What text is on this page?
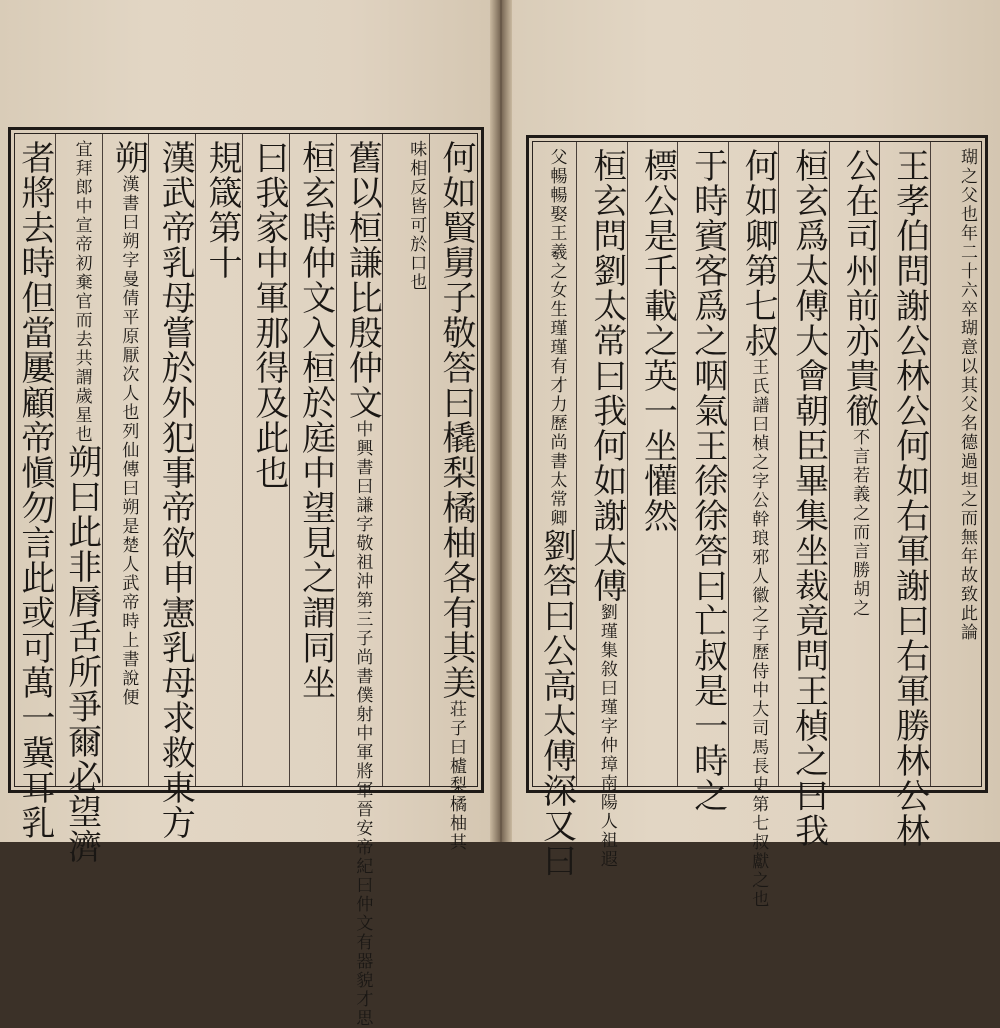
何如賢舅子敬答曰橇梨橘柚各有其美荘子曰樝梨橘柚其
味相反皆可於口也
舊以桓謙比殷仲文中興書曰謙字敬祖沖第三子尚書僕射中軍將軍晉安帝紀曰仲文有器貌才思
桓玄時仲文入桓於庭中望見之謂同坐
曰我家中軍那得及此也
規箴第十
漢武帝乳母嘗於外犯事帝欲申憲乳母求救東方
朔漢書曰朔字曼倩平原厭次人也列仙傳曰朔是楚人武帝時上書說便
宜拜郎中宣帝初棄官而去共謂歲星也朔曰此非脣舌所爭爾必望濟
者將去時但當屢顧帝愼勿言此或可萬一冀耳乳	瑚之父也年二十六卒瑚意以其父名德過坦之而無年故致此論
王孝伯問謝公林公何如右軍謝曰右軍勝林公林
公在司州前亦貴徹不言若義之而言勝胡之
桓玄爲太傅大會朝臣畢集坐裁竟問王楨之曰我
何如卿第七叔王氏譜曰楨之字公幹琅邪人徽之子歷侍中大司馬長史第七叔獻之也
于時賓客爲之咽氣王徐徐答曰亡叔是一時之
標公是千載之英一坐懽然
桓玄問劉太常曰我何如謝太傅劉瑾集敘曰瑾字仲璋南陽人祖遐
父暢暢娶王羲之女生瑾瑾有才力歷尚書太常卿劉答曰公高太傅深又曰
